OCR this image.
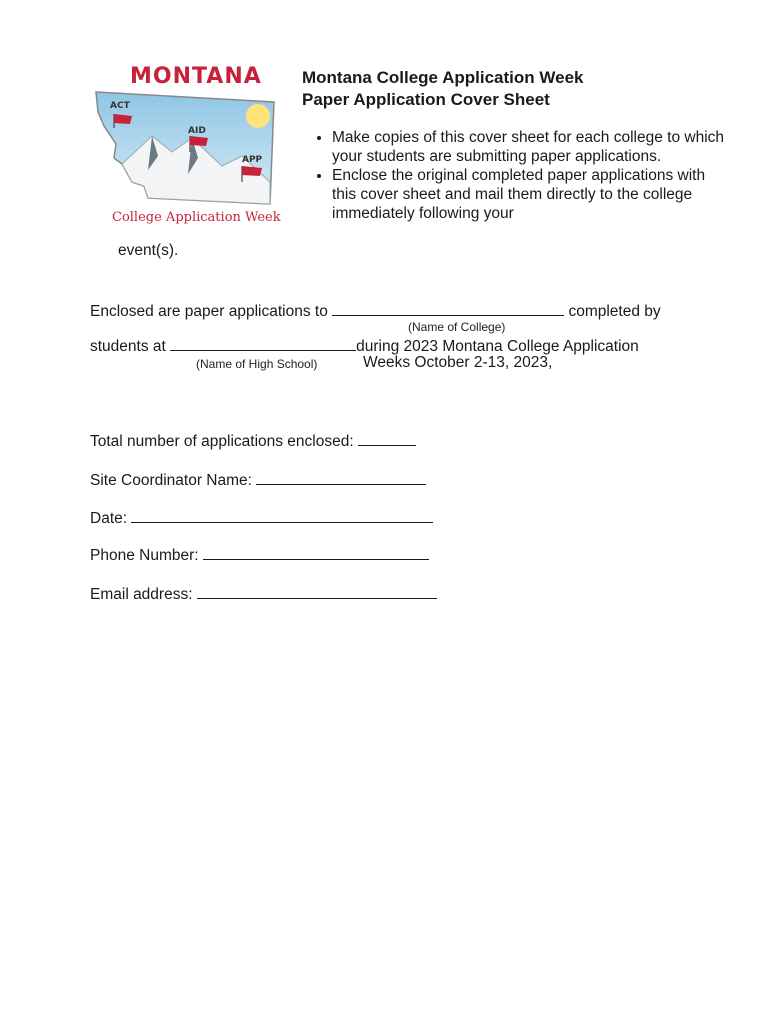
MONTANA
ACT
AID
APP
College Application Week
Montana College Application Week
Paper Application Cover Sheet
• Make copies of this cover sheet for each college to which your students are submitting paper applications.
• Enclose the original completed paper applications with this cover sheet and mail them directly to the college immediately following your
event(s).
Enclosed are paper applications to	completed by
(Name of College)
students at	during 2023 Montana College Application
(Name of High School)	Weeks October 2-13, 2023,
Total number of applications enclosed:
Site Coordinator Name:
Date:
Phone Number:
Email address:
